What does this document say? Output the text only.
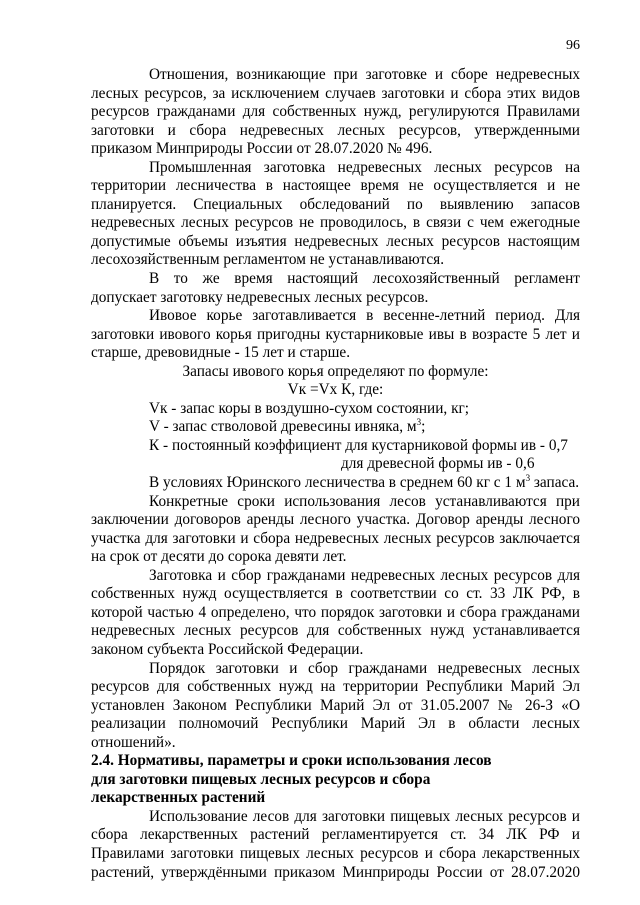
96

Отношения, возникающие при заготовке и сборе недревесных лесных ресурсов, за исключением случаев заготовки и сбора этих видов ресурсов гражданами для собственных нужд, регулируются Правилами заготовки и сбора недревесных лесных ресурсов, утвержденными приказом Минприроды России от 28.07.2020 № 496.

Промышленная заготовка недревесных лесных ресурсов на территории лесничества в настоящее время не осуществляется и не планируется. Специальных обследований по выявлению запасов недревесных лесных ресурсов не проводилось, в связи с чем ежегодные допустимые объемы изъятия недревесных лесных ресурсов настоящим лесохозяйственным регламентом не устанавливаются.

В то же время настоящий лесохозяйственный регламент допускает заготовку недревесных лесных ресурсов.

Ивовое корье заготавливается в весенне-летний период. Для заготовки ивового корья пригодны кустарниковые ивы в возрасте 5 лет и старше, древовидные - 15 лет и старше.

Запасы ивового корья определяют по формуле:

Vк =Vх К, где:

Vк - запас коры в воздушно-сухом состоянии, кг;

V - запас стволовой древесины ивняка, $м^3$;

К - постоянный коэффициент для кустарниковой формы ив - 0,7

для древесной формы ив - 0,6

В условиях Юринского лесничества в среднем 60 кг с 1 $м^3$ запаса.

Конкретные сроки использования лесов устанавливаются при заключении договоров аренды лесного участка. Договор аренды лесного участка для заготовки и сбора недревесных лесных ресурсов заключается на срок от десяти до сорока девяти лет.

Заготовка и сбор гражданами недревесных лесных ресурсов для собственных нужд осуществляется в соответствии со ст. 33 ЛК РФ, в которой частью 4 определено, что порядок заготовки и сбора гражданами недревесных лесных ресурсов для собственных нужд устанавливается законом субъекта Российской Федерации.

Порядок заготовки и сбор гражданами недревесных лесных ресурсов для собственных нужд на территории Республики Марий Эл установлен Законом Республики Марий Эл от 31.05.2007 № 26-З «О реализации полномочий Республики Марий Эл в области лесных отношений».

2.4. Нормативы, параметры и сроки использования лесов
для заготовки пищевых лесных ресурсов и сбора
лекарственных растений

Использование лесов для заготовки пищевых лесных ресурсов и сбора лекарственных растений регламентируется ст. 34 ЛК РФ и Правилами заготовки пищевых лесных ресурсов и сбора лекарственных растений, утверждёнными приказом Минприроды России от 28.07.2020
